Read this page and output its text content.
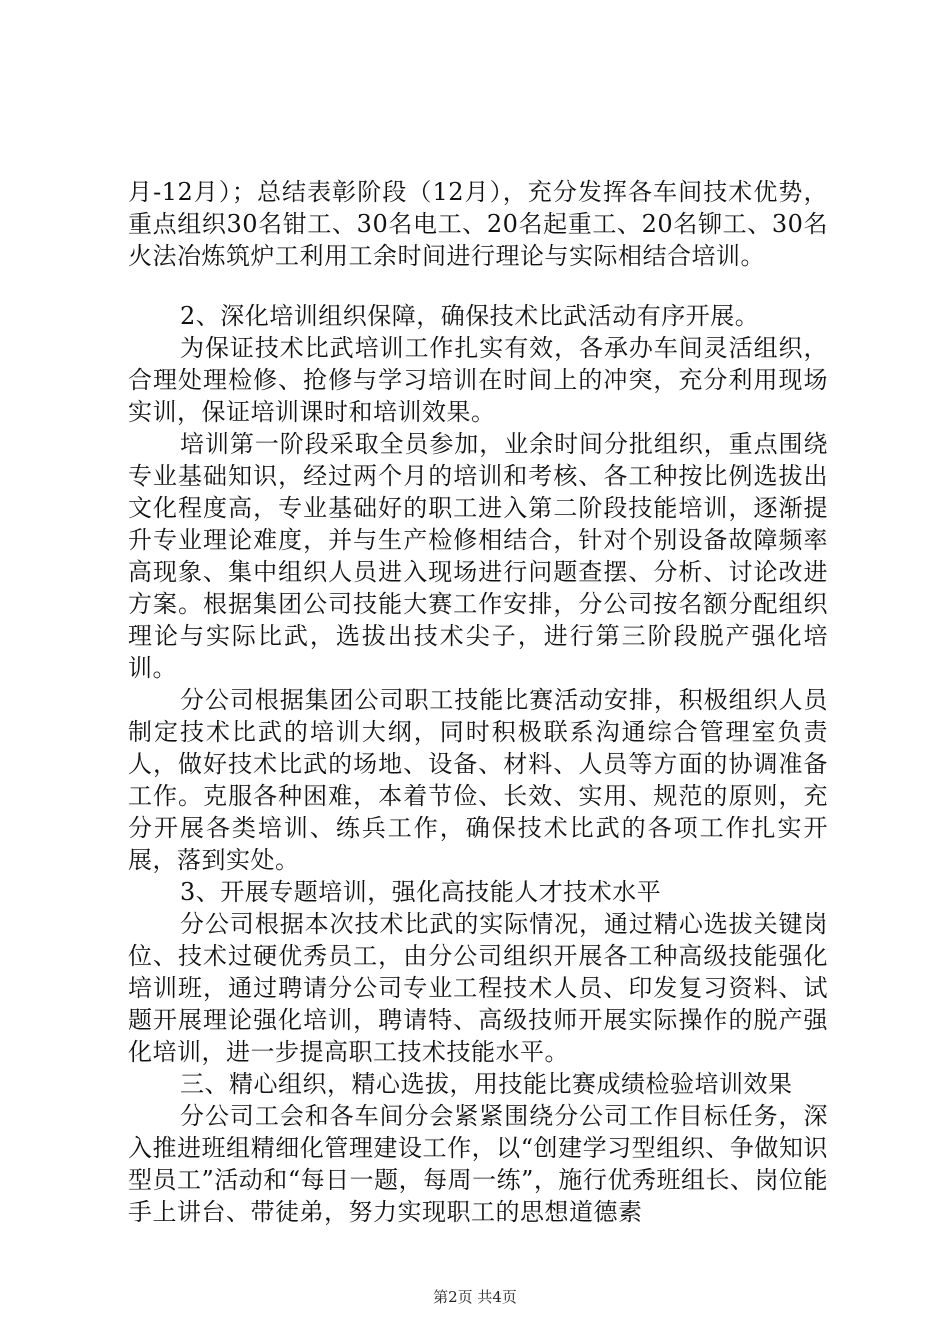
月-12月）；总结表彰阶段（12月），充分发挥各车间技术优势，重点组织30名钳工、30名电工、20名起重工、20名铆工、30名火法冶炼筑炉工利用工余时间进行理论与实际相结合培训。

2、深化培训组织保障，确保技术比武活动有序开展。

为保证技术比武培训工作扎实有效，各承办车间灵活组织，合理处理检修、抢修与学习培训在时间上的冲突，充分利用现场实训，保证培训课时和培训效果。

培训第一阶段采取全员参加，业余时间分批组织，重点围绕专业基础知识，经过两个月的培训和考核、各工种按比例选拔出文化程度高，专业基础好的职工进入第二阶段技能培训，逐渐提升专业理论难度，并与生产检修相结合，针对个别设备故障频率高现象、集中组织人员进入现场进行问题查摆、分析、讨论改进方案。根据集团公司技能大赛工作安排，分公司按名额分配组织理论与实际比武，选拔出技术尖子，进行第三阶段脱产强化培训。

分公司根据集团公司职工技能比赛活动安排，积极组织人员制定技术比武的培训大纲，同时积极联系沟通综合管理室负责人，做好技术比武的场地、设备、材料、人员等方面的协调准备工作。克服各种困难，本着节俭、长效、实用、规范的原则，充分开展各类培训、练兵工作，确保技术比武的各项工作扎实开展，落到实处。

3、开展专题培训，强化高技能人才技术水平

分公司根据本次技术比武的实际情况，通过精心选拔关键岗位、技术过硬优秀员工，由分公司组织开展各工种高级技能强化培训班，通过聘请分公司专业工程技术人员、印发复习资料、试题开展理论强化培训，聘请特、高级技师开展实际操作的脱产强化培训，进一步提高职工技术技能水平。

三、精心组织，精心选拔，用技能比赛成绩检验培训效果

分公司工会和各车间分会紧紧围绕分公司工作目标任务，深入推进班组精细化管理建设工作，以“创建学习型组织、争做知识型员工”活动和“每日一题，每周一练”，施行优秀班组长、岗位能手上讲台、带徒弟，努力实现职工的思想道德素

第2页 共4页
